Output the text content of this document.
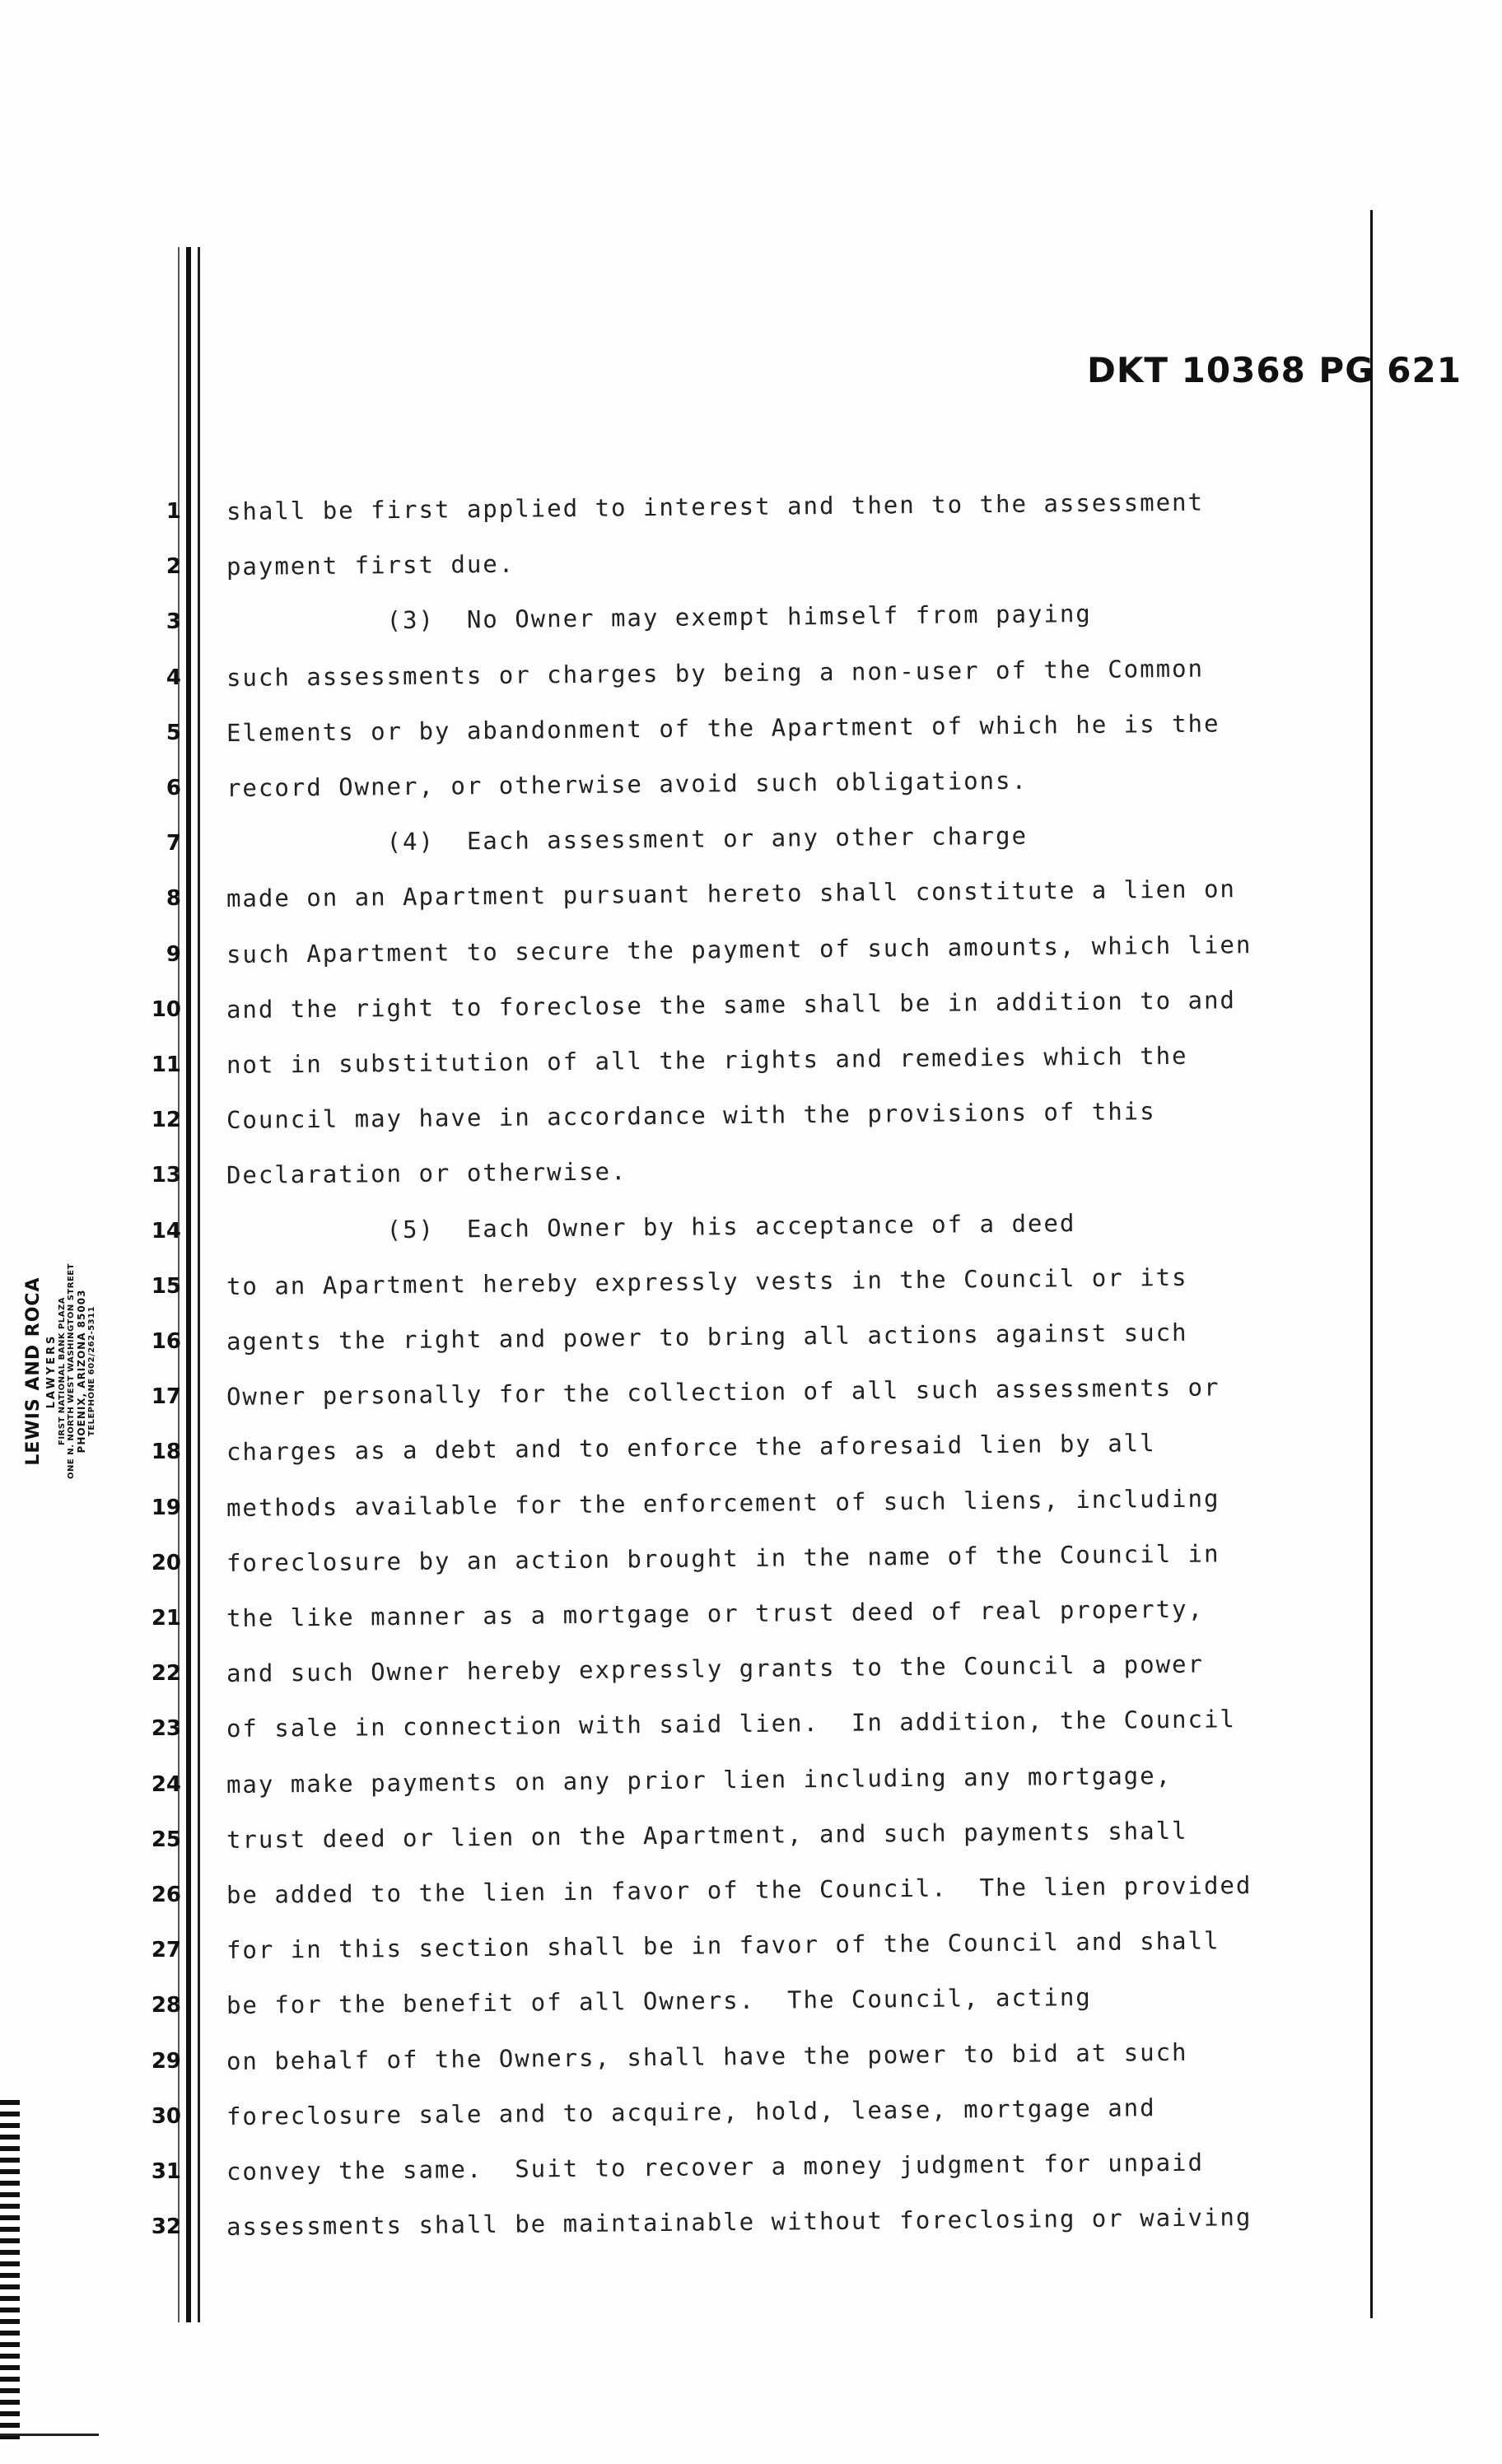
DKT 10368 PG 621
LEWIS AND ROCA LAWYERS FIRST NATIONAL BANK PLAZA ONE N. NORTH WEST WASHINGTON STREET PHOENIX, ARIZONA 85003 TELEPHONE 602/262-5311
1 shall be first applied to interest and then to the assessment
2 payment first due.
3 (3)  No Owner may exempt himself from paying
4 such assessments or charges by being a non-user of the Common
5 Elements or by abandonment of the Apartment of which he is the
6 record Owner, or otherwise avoid such obligations.
7 (4)  Each assessment or any other charge
8 made on an Apartment pursuant hereto shall constitute a lien on
9 such Apartment to secure the payment of such amounts, which lien
10 and the right to foreclose the same shall be in addition to and
11 not in substitution of all the rights and remedies which the
12 Council may have in accordance with the provisions of this
13 Declaration or otherwise.
14 (5)  Each Owner by his acceptance of a deed
15 to an Apartment hereby expressly vests in the Council or its
16 agents the right and power to bring all actions against such
17 Owner personally for the collection of all such assessments or
18 charges as a debt and to enforce the aforesaid lien by all
19 methods available for the enforcement of such liens, including
20 foreclosure by an action brought in the name of the Council in
21 the like manner as a mortgage or trust deed of real property,
22 and such Owner hereby expressly grants to the Council a power
23 of sale in connection with said lien.  In addition, the Council
24 may make payments on any prior lien including any mortgage,
25 trust deed or lien on the Apartment, and such payments shall
26 be added to the lien in favor of the Council.  The lien provided
27 for in this section shall be in favor of the Council and shall
28 be for the benefit of all Owners.  The Council, acting
29 on behalf of the Owners, shall have the power to bid at such
30 foreclosure sale and to acquire, hold, lease, mortgage and
31 convey the same.  Suit to recover a money judgment for unpaid
32 assessments shall be maintainable without foreclosing or waiving
